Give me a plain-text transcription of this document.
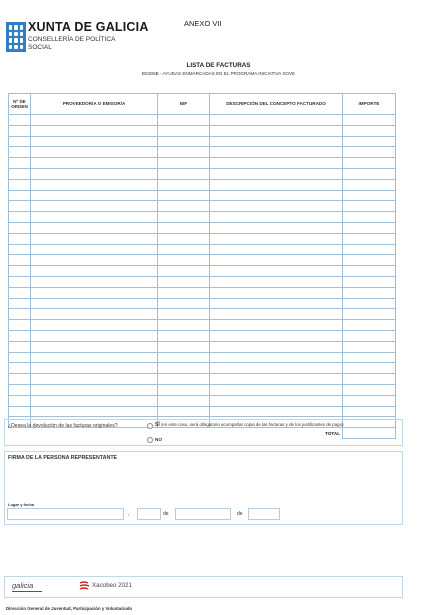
XUNTA DE GALICIA
CONSELLERÍA DE POLÍTICA
SOCIAL
ANEXO VII
LISTA DE FACTURAS
BS306B - AYUDAS ENMARCADAS EN EL PROGRAMA INICIATIVA XOVE
Nº DE
ORDEN	PROVEEDOR/A O EMISOR/A	NIF	DESCRIPCIÓN DEL CONCEPTO FACTURADO	IMPORTE

			TOTAL	
¿Desea la devolución de las facturas originales?	SÍ (en este caso, será obligatorio acompañar copia de las facturas y de los justificantes de pago)
NO
FIRMA DE LA PERSONA REPRESENTANTE
Lugar y fecha
,	de	de
galicia	Xacobeo 2021
Dirección General de Juventud, Participación y Voluntariado
